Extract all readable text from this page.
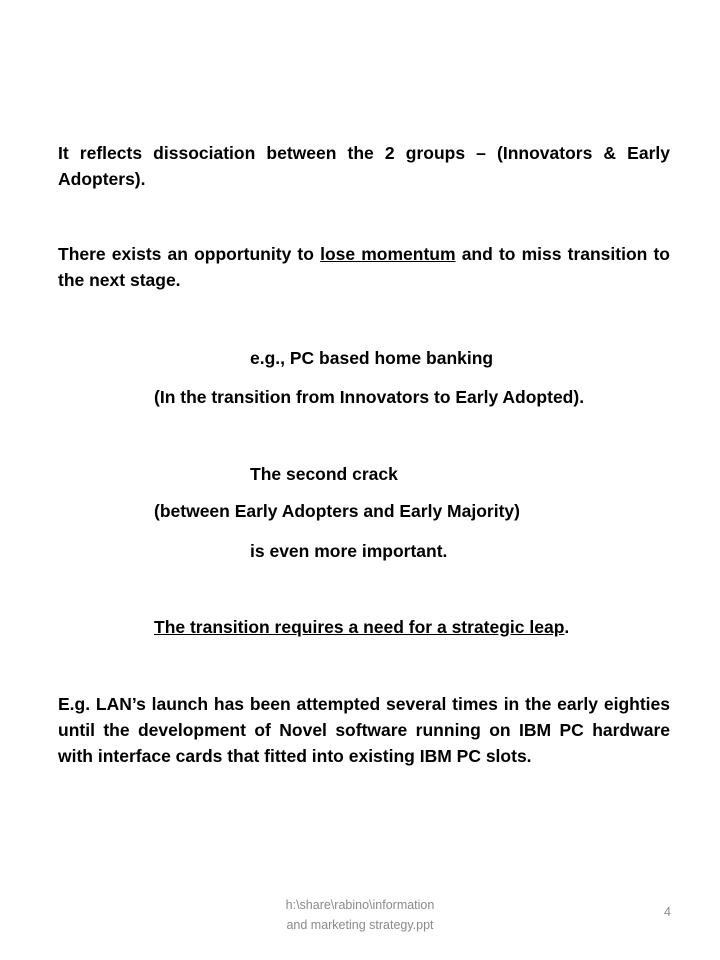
It reflects dissociation between the 2 groups – (Innovators & Early Adopters).

There exists an opportunity to lose momentum and to miss transition to the next stage.

e.g., PC based home banking

(In the transition from Innovators to Early Adopted).

The second crack

(between Early Adopters and Early Majority)

is even more important.

The transition requires a need for a strategic leap.

E.g. LAN’s launch has been attempted several times in the early eighties until the development of Novel software running on IBM PC hardware with interface cards that fitted into existing IBM PC slots.

h:\share\rabino\information
and marketing strategy.ppt
4
